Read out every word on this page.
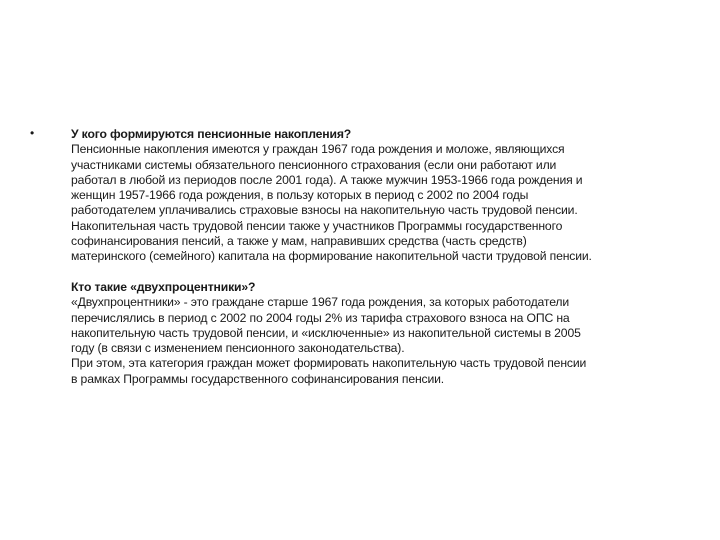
•	У кого формируются пенсионные накопления?
Пенсионные накопления имеются у граждан 1967 года рождения и моложе, являющихся
участниками системы обязательного пенсионного страхования (если они работают или
работал в любой из периодов после 2001 года). А также мужчин 1953-1966 года рождения и
женщин 1957-1966 года рождения, в пользу которых в период с 2002 по 2004 годы
работодателем уплачивались страховые взносы на накопительную часть трудовой пенсии.
Накопительная часть трудовой пенсии также у участников Программы государственного
софинансирования пенсий, а также у мам, направивших средства (часть средств)
материнского (семейного) капитала на формирование накопительной части трудовой пенсии.
Кто такие «двухпроцентники»?
«Двухпроцентники» - это граждане старше 1967 года рождения, за которых работодатели
перечислялись в период с 2002 по 2004 годы 2% из тарифа страхового взноса на ОПС на
накопительную часть трудовой пенсии, и «исключенные» из накопительной системы в 2005
году (в связи с изменением пенсионного законодательства).
При этом, эта категория граждан может формировать накопительную часть трудовой пенсии
в рамках Программы государственного софинансирования пенсии.
